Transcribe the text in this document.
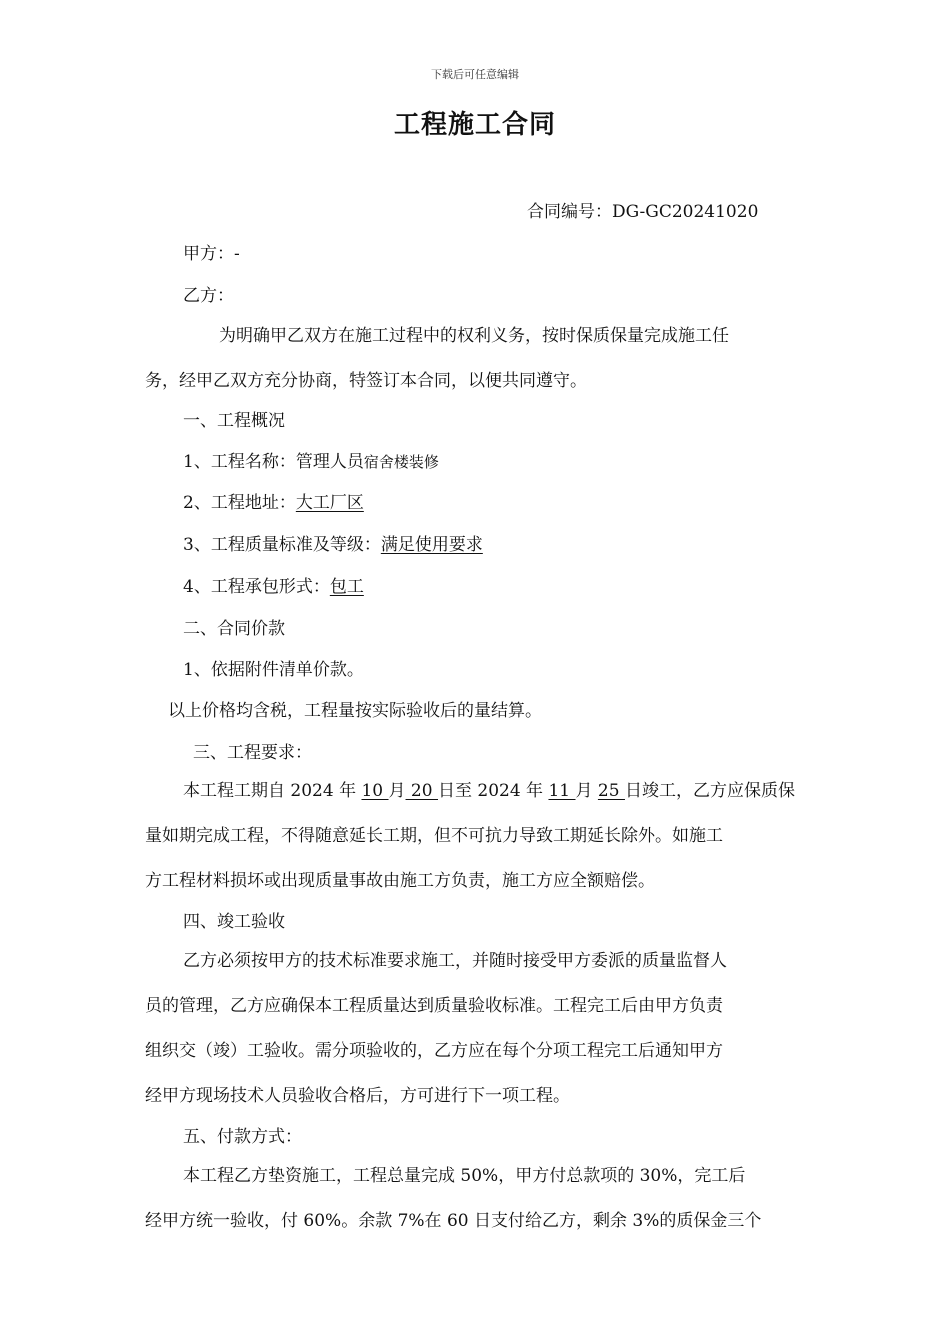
下载后可任意编辑
工程施工合同
合同编号：DG-GC20241020
甲方：-
乙方：
为明确甲乙双方在施工过程中的权利义务，按时保质保量完成施工任
务，经甲乙双方充分协商，特签订本合同，以便共同遵守。
一、工程概况
1、工程名称：管理人员宿舍楼装修
2、工程地址：大工厂区
3、工程质量标准及等级：满足使用要求
4、工程承包形式：包工
二、合同价款
1、依据附件清单价款。
以上价格均含税，工程量按实际验收后的量结算。
三、工程要求：
本工程工期自 2024 年 10 月 20 日至 2024 年 11 月 25 日竣工，乙方应保质保
量如期完成工程，不得随意延长工期，但不可抗力导致工期延长除外。如施工
方工程材料损坏或出现质量事故由施工方负责，施工方应全额赔偿。
四、竣工验收
乙方必须按甲方的技术标准要求施工，并随时接受甲方委派的质量监督人
员的管理，乙方应确保本工程质量达到质量验收标准。工程完工后由甲方负责
组织交（竣）工验收。需分项验收的，乙方应在每个分项工程完工后通知甲方
经甲方现场技术人员验收合格后，方可进行下一项工程。
五、付款方式：
本工程乙方垫资施工，工程总量完成 50%，甲方付总款项的 30%，完工后
经甲方统一验收，付 60%。余款 7%在 60 日支付给乙方，剩余 3%的质保金三个
